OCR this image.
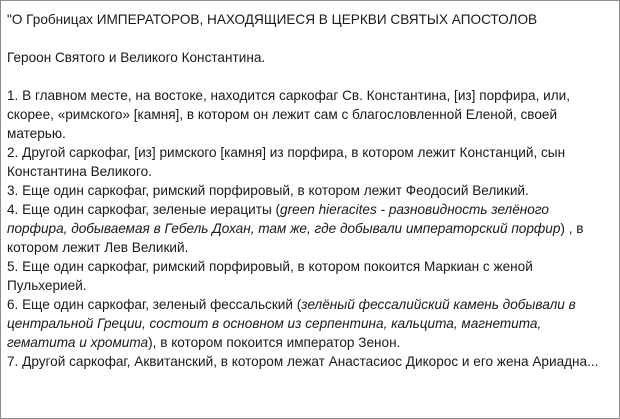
"О Гробницах ИМПЕРАТОРОВ, НАХОДЯЩИЕСЯ В ЦЕРКВИ СВЯТЫХ АПОСТОЛОВ

Героон Святого и Великого Константина.

1. В главном месте, на востоке, находится саркофаг Св. Константина, [из] порфира, или, скорее, «римского» [камня], в котором он лежит сам с благословленной Еленой, своей матерью.

2. Другой саркофаг, [из] римского [камня] из порфира, в котором лежит Констанций, сын Константина Великого.

3. Еще один саркофаг, римский порфировый, в котором лежит Феодосий Великий.

4. Еще один саркофаг, зеленые иерациты (green hieracites - разновидность зелёного порфира, добываемая в Гебель Дохан, там же, где добывали императорский порфир) , в котором лежит Лев Великий.

5. Еще один саркофаг, римский порфировый, в котором покоится Маркиан с женой Пульхерией.

6. Еще один саркофаг, зеленый фессальский (зелёный фессалийский камень добывали в центральной Греции, состоит в основном из серпентина, кальцита, магнетита, гематита и хромита), в котором покоится император Зенон.

7. Другой саркофаг, Аквитанский, в котором лежат Анастасиос Дикорос и его жена Ариадна...
